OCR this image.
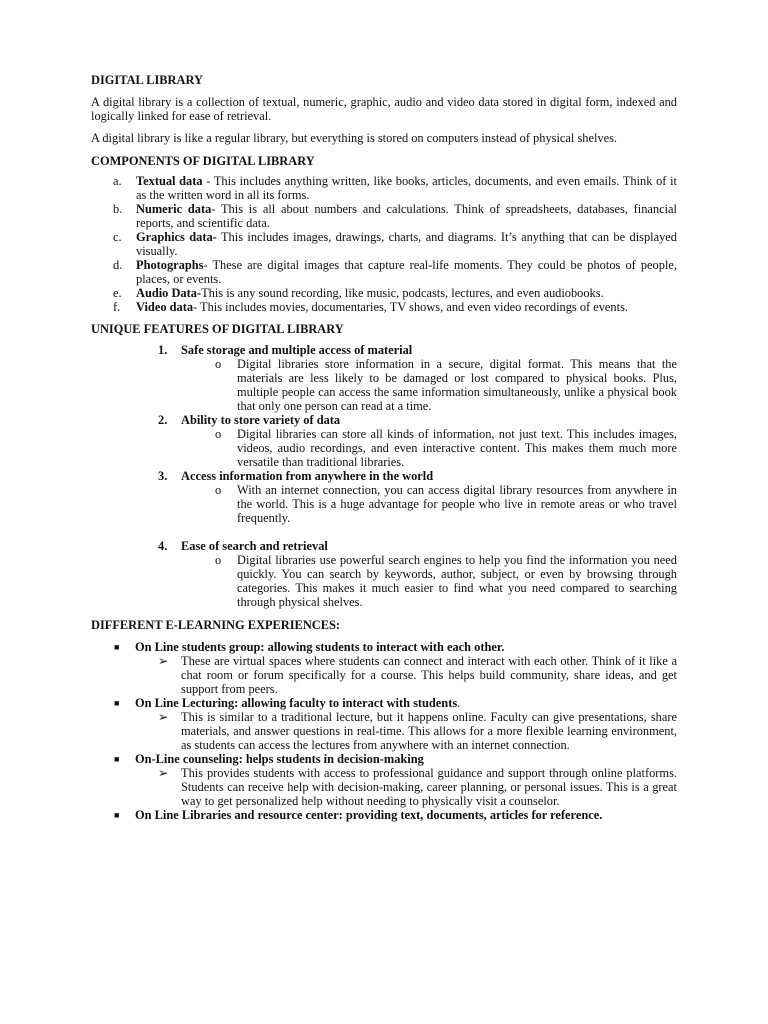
DIGITAL LIBRARY

A digital library is a collection of textual, numeric, graphic, audio and video data stored in digital form, indexed and logically linked for ease of retrieval.

A digital library is like a regular library, but everything is stored on computers instead of physical shelves.

COMPONENTS OF DIGITAL LIBRARY

a.	Textual data - This includes anything written, like books, articles, documents, and even emails. Think of it as the written word in all its forms.
b.	Numeric data- This is all about numbers and calculations. Think of spreadsheets, databases, financial reports, and scientific data.
c.	Graphics data- This includes images, drawings, charts, and diagrams. It’s anything that can be displayed visually.
d.	Photographs- These are digital images that capture real-life moments. They could be photos of people, places, or events.
e.	Audio Data-This is any sound recording, like music, podcasts, lectures, and even audiobooks.
f.	Video data- This includes movies, documentaries, TV shows, and even video recordings of events.

UNIQUE FEATURES OF DIGITAL LIBRARY

1.	Safe storage and multiple access of material
o	Digital libraries store information in a secure, digital format. This means that the materials are less likely to be damaged or lost compared to physical books. Plus, multiple people can access the same information simultaneously, unlike a physical book that only one person can read at a time.
2.	Ability to store variety of data
o	Digital libraries can store all kinds of information, not just text. This includes images, videos, audio recordings, and even interactive content. This makes them much more versatile than traditional libraries.
3.	Access information from anywhere in the world
o	With an internet connection, you can access digital library resources from anywhere in the world. This is a huge advantage for people who live in remote areas or who travel frequently.
4.	Ease of search and retrieval
o	Digital libraries use powerful search engines to help you find the information you need quickly. You can search by keywords, author, subject, or even by browsing through categories. This makes it much easier to find what you need compared to searching through physical shelves.

DIFFERENT E-LEARNING EXPERIENCES:

■	On Line students group: allowing students to interact with each other.
➢	These are virtual spaces where students can connect and interact with each other. Think of it like a chat room or forum specifically for a course. This helps build community, share ideas, and get support from peers.
■	On Line Lecturing: allowing faculty to interact with students.
➢	This is similar to a traditional lecture, but it happens online. Faculty can give presentations, share materials, and answer questions in real-time. This allows for a more flexible learning environment, as students can access the lectures from anywhere with an internet connection.
■	On-Line counseling: helps students in decision-making
➢	This provides students with access to professional guidance and support through online platforms. Students can receive help with decision-making, career planning, or personal issues. This is a great way to get personalized help without needing to physically visit a counselor.
■	On Line Libraries and resource center: providing text, documents, articles for reference.
